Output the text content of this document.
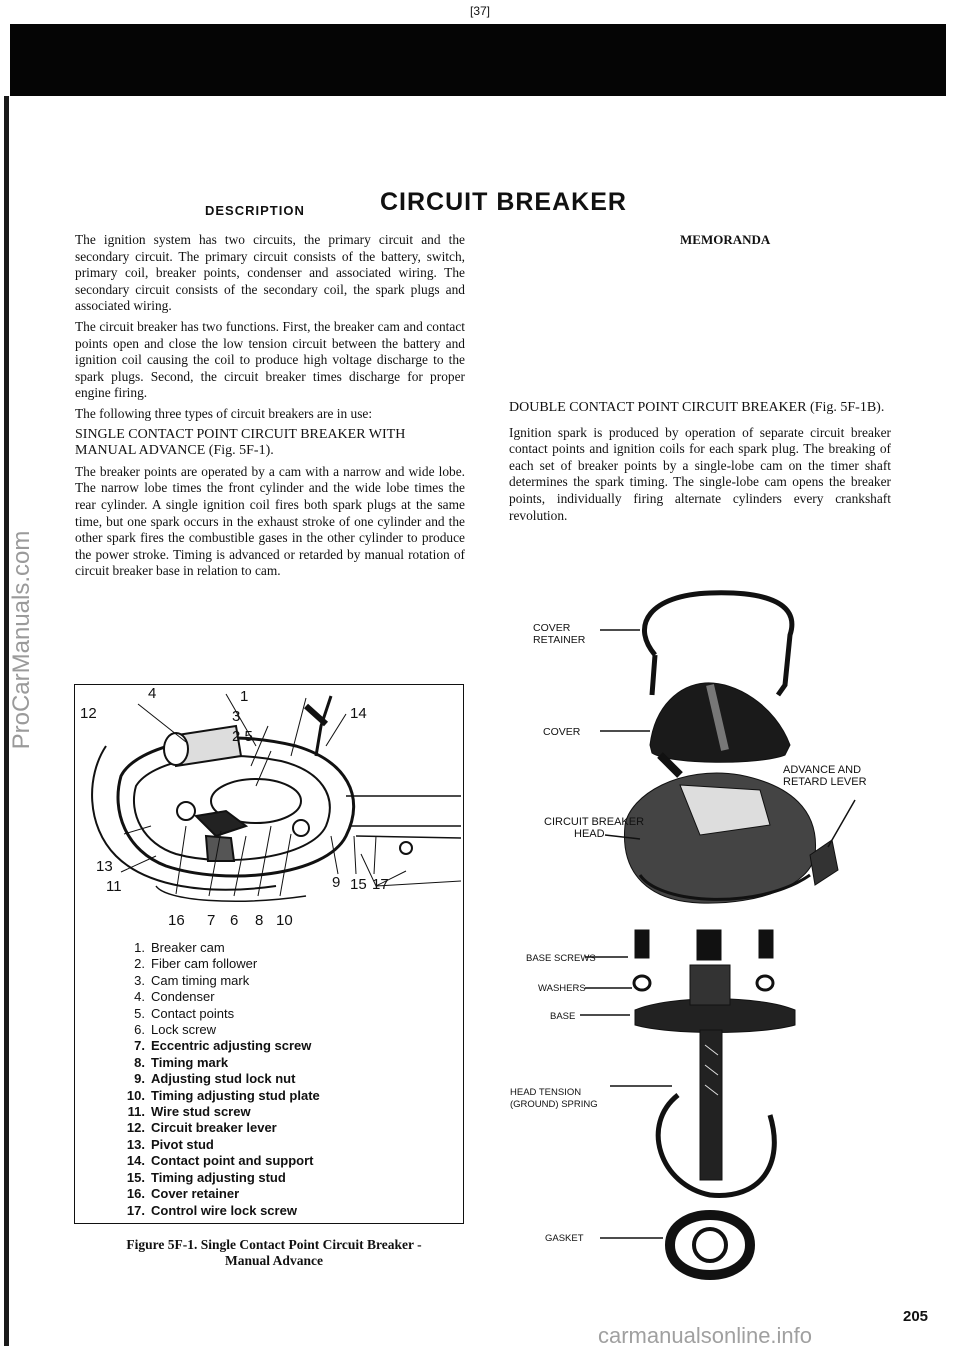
[37]
ProCarManuals.com
CIRCUIT BREAKER
DESCRIPTION

The ignition system has two circuits, the primary circuit and the secondary circuit. The primary circuit consists of the battery, switch, primary coil, breaker points, condenser and associated wiring. The secondary circuit consists of the secondary coil, the spark plugs and associated wiring.

The circuit breaker has two functions. First, the breaker cam and contact points open and close the low tension circuit between the battery and ignition coil causing the coil to produce high voltage discharge to the spark plugs. Second, the circuit breaker times discharge for proper engine firing.

The following three types of circuit breakers are in use:

SINGLE CONTACT POINT CIRCUIT BREAKER WITH MANUAL ADVANCE (Fig. 5F-1).

The breaker points are operated by a cam with a narrow and wide lobe. The narrow lobe times the front cylinder and the wide lobe times the rear cylinder. A single ignition coil fires both spark plugs at the same time, but one spark occurs in the exhaust stroke of one cylinder and the other spark fires the combustible gases in the other cylinder to produce the power stroke. Timing is advanced or retarded by manual rotation of circuit breaker base in relation to cam.

MEMORANDA

DOUBLE CONTACT POINT CIRCUIT BREAKER (Fig. 5F-1B).

Ignition spark is produced by operation of separate circuit breaker contact points and ignition coils for each spark plug. The breaking of each set of breaker points by a single-lobe cam on the timer shaft determines the spark timing. The single-lobe cam opens the breaker points, individually firing alternate cylinders every crankshaft revolution.

12
4	1
3
2 5
14
13
11	9 15 17
16 7 6 8 10
1. Breaker cam
2. Fiber cam follower
3. Cam timing mark
4. Condenser
5. Contact points
6. Lock screw
7. Eccentric adjusting screw
8. Timing mark
9. Adjusting stud lock nut
10. Timing adjusting stud plate
11. Wire stud screw
12. Circuit breaker lever
13. Pivot stud
14. Contact point and support
15. Timing adjusting stud
16. Cover retainer
17. Control wire lock screw
Figure 5F-1. Single Contact Point Circuit Breaker -
Manual Advance
COVER
RETAINER
COVER
ADVANCE AND
RETARD LEVER
CIRCUIT BREAKER
HEAD
BASE SCREWS
WASHERS
BASE
HEAD TENSION
(GROUND) SPRING
GASKET
205
carmanualsonline.info
